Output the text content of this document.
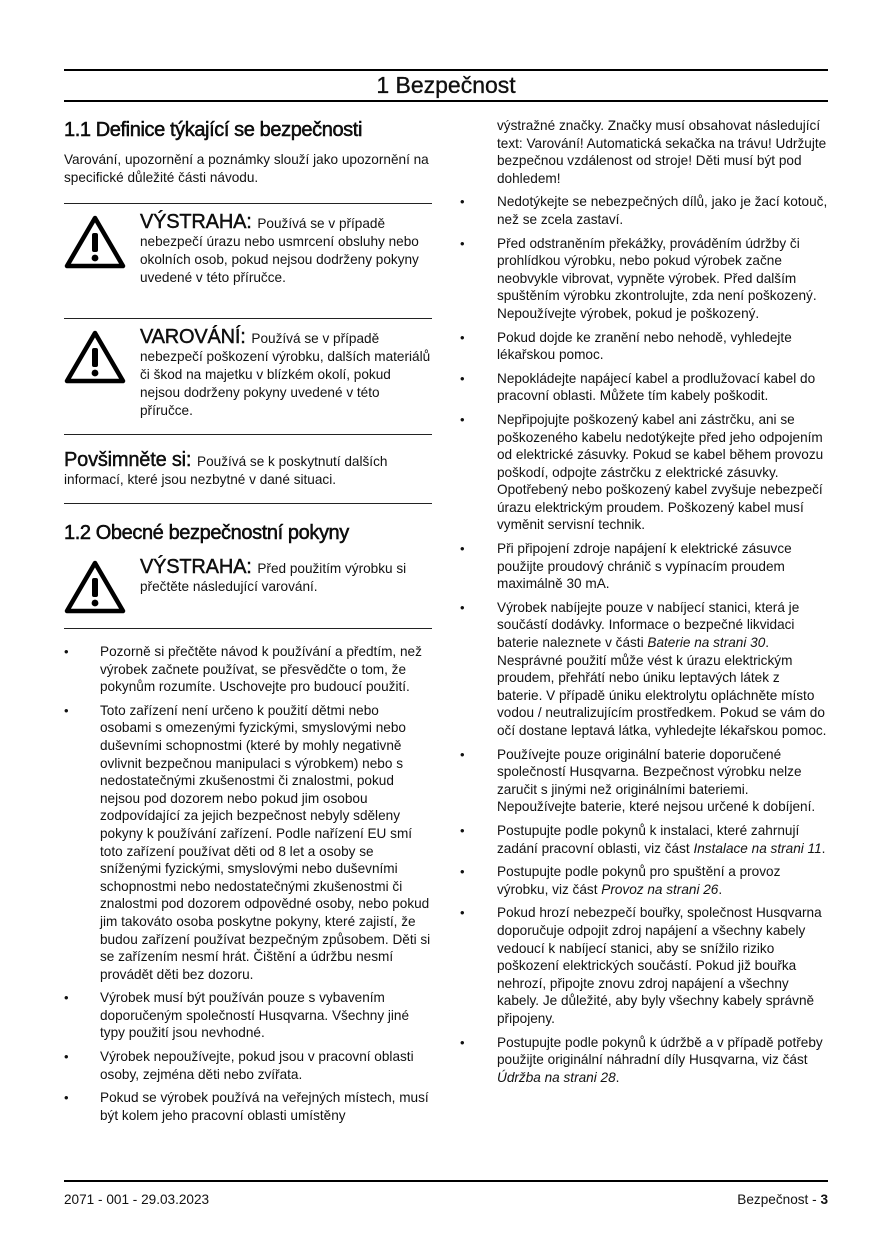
1 Bezpečnost
1.1 Definice týkající se bezpečnosti

Varování, upozornění a poznámky slouží jako upozornění na specifické důležité části návodu.

VÝSTRAHA: Používá se v případě nebezpečí úrazu nebo usmrcení obsluhy nebo okolních osob, pokud nejsou dodrženy pokyny uvedené v této příručce.
VAROVÁNÍ: Používá se v případě nebezpečí poškození výrobku, dalších materiálů či škod na majetku v blízkém okolí, pokud nejsou dodrženy pokyny uvedené v této příručce.
Povšimněte si: Používá se k poskytnutí dalších informací, které jsou nezbytné v dané situaci.
1.2 Obecné bezpečnostní pokyny
VÝSTRAHA: Před použitím výrobku si přečtěte následující varování.
• Pozorně si přečtěte návod k používání a předtím, než výrobek začnete používat, se přesvědčte o tom, že pokynům rozumíte. Uschovejte pro budoucí použití.
• Toto zařízení není určeno k použití dětmi nebo osobami s omezenými fyzickými, smyslovými nebo duševními schopnostmi (které by mohly negativně ovlivnit bezpečnou manipulaci s výrobkem) nebo s nedostatečnými zkušenostmi či znalostmi, pokud nejsou pod dozorem nebo pokud jim osobou zodpovídající za jejich bezpečnost nebyly sděleny pokyny k používání zařízení. Podle nařízení EU smí toto zařízení používat děti od 8 let a osoby se sníženými fyzickými, smyslovými nebo duševními schopnostmi nebo nedostatečnými zkušenostmi či znalostmi pod dozorem odpovědné osoby, nebo pokud jim takováto osoba poskytne pokyny, které zajistí, že budou zařízení používat bezpečným způsobem. Děti si se zařízením nesmí hrát. Čištění a údržbu nesmí provádět děti bez dozoru.
• Výrobek musí být používán pouze s vybavením doporučeným společností Husqvarna. Všechny jiné typy použití jsou nevhodné.
• Výrobek nepoužívejte, pokud jsou v pracovní oblasti osoby, zejména děti nebo zvířata.
• Pokud se výrobek používá na veřejných místech, musí být kolem jeho pracovní oblasti umístěny
výstražné značky. Značky musí obsahovat následující text: Varování! Automatická sekačka na trávu! Udržujte bezpečnou vzdálenost od stroje! Děti musí být pod dohledem!
• Nedotýkejte se nebezpečných dílů, jako je žací kotouč, než se zcela zastaví.
• Před odstraněním překážky, prováděním údržby či prohlídkou výrobku, nebo pokud výrobek začne neobvykle vibrovat, vypněte výrobek. Před dalším spuštěním výrobku zkontrolujte, zda není poškozený. Nepoužívejte výrobek, pokud je poškozený.
• Pokud dojde ke zranění nebo nehodě, vyhledejte lékařskou pomoc.
• Nepokládejte napájecí kabel a prodlužovací kabel do pracovní oblasti. Můžete tím kabely poškodit.
• Nepřipojujte poškozený kabel ani zástrčku, ani se poškozeného kabelu nedotýkejte před jeho odpojením od elektrické zásuvky. Pokud se kabel během provozu poškodí, odpojte zástrčku z elektrické zásuvky. Opotřebený nebo poškozený kabel zvyšuje nebezpečí úrazu elektrickým proudem. Poškozený kabel musí vyměnit servisní technik.
• Při připojení zdroje napájení k elektrické zásuvce použijte proudový chránič s vypínacím proudem maximálně 30 mA.
• Výrobek nabíjejte pouze v nabíjecí stanici, která je součástí dodávky. Informace o bezpečné likvidaci baterie naleznete v části Baterie na strani 30. Nesprávné použití může vést k úrazu elektrickým proudem, přehřátí nebo úniku leptavých látek z baterie. V případě úniku elektrolytu opláchněte místo vodou / neutralizujícím prostředkem. Pokud se vám do očí dostane leptavá látka, vyhledejte lékařskou pomoc.
• Používejte pouze originální baterie doporučené společností Husqvarna. Bezpečnost výrobku nelze zaručit s jinými než originálními bateriemi. Nepoužívejte baterie, které nejsou určené k dobíjení.
• Postupujte podle pokynů k instalaci, které zahrnují zadání pracovní oblasti, viz část Instalace na strani 11.
• Postupujte podle pokynů pro spuštění a provoz výrobku, viz část Provoz na strani 26.
• Pokud hrozí nebezpečí bouřky, společnost Husqvarna doporučuje odpojit zdroj napájení a všechny kabely vedoucí k nabíjecí stanici, aby se snížilo riziko poškození elektrických součástí. Pokud již bouřka nehrozí, připojte znovu zdroj napájení a všechny kabely. Je důležité, aby byly všechny kabely správně připojeny.
• Postupujte podle pokynů k údržbě a v případě potřeby použijte originální náhradní díly Husqvarna, viz část Údržba na strani 28.
2071 - 001 - 29.03.2023	Bezpečnost - 3
